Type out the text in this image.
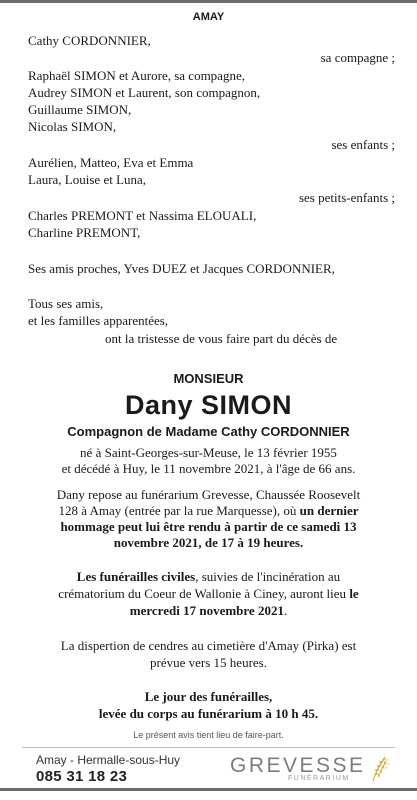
AMAY
Cathy CORDONNIER,
sa compagne ;
Raphaël SIMON et Aurore, sa compagne,
Audrey SIMON et Laurent, son compagnon,
Guillaume SIMON,
Nicolas SIMON,
ses enfants ;
Aurélien, Matteo, Eva et Emma
Laura, Louise et Luna,
ses petits-enfants ;
Charles PREMONT et Nassima ELOUALI,
Charline PREMONT,
Ses amis proches, Yves DUEZ et Jacques CORDONNIER,
Tous ses amis,
et les familles apparentées,
ont la tristesse de vous faire part du décès de
MONSIEUR
Dany SIMON
Compagnon de Madame Cathy CORDONNIER
né à Saint-Georges-sur-Meuse, le 13 février 1955
et décédé à Huy, le 11 novembre 2021, à l'âge de 66 ans.
Dany repose au funérarium Grevesse, Chaussée Roosevelt
128 à Amay (entrée par la rue Marquesse), où un dernier
hommage peut lui être rendu à partir de ce samedi 13
novembre 2021, de 17 à 19 heures.
Les funérailles civiles, suivies de l'incinération au
crématorium du Coeur de Wallonie à Ciney, auront lieu le
mercredi 17 novembre 2021.
La dispertion de cendres au cimetière d'Amay (Pirka) est
prévue vers 15 heures.
Le jour des funérailles,
levée du corps au funérarium à 10 h 45.
Le présent avis tient lieu de faire-part.
Amay - Hermalle-sous-Huy
085 31 18 23	GREVESSE
FUNÉRARIUM
